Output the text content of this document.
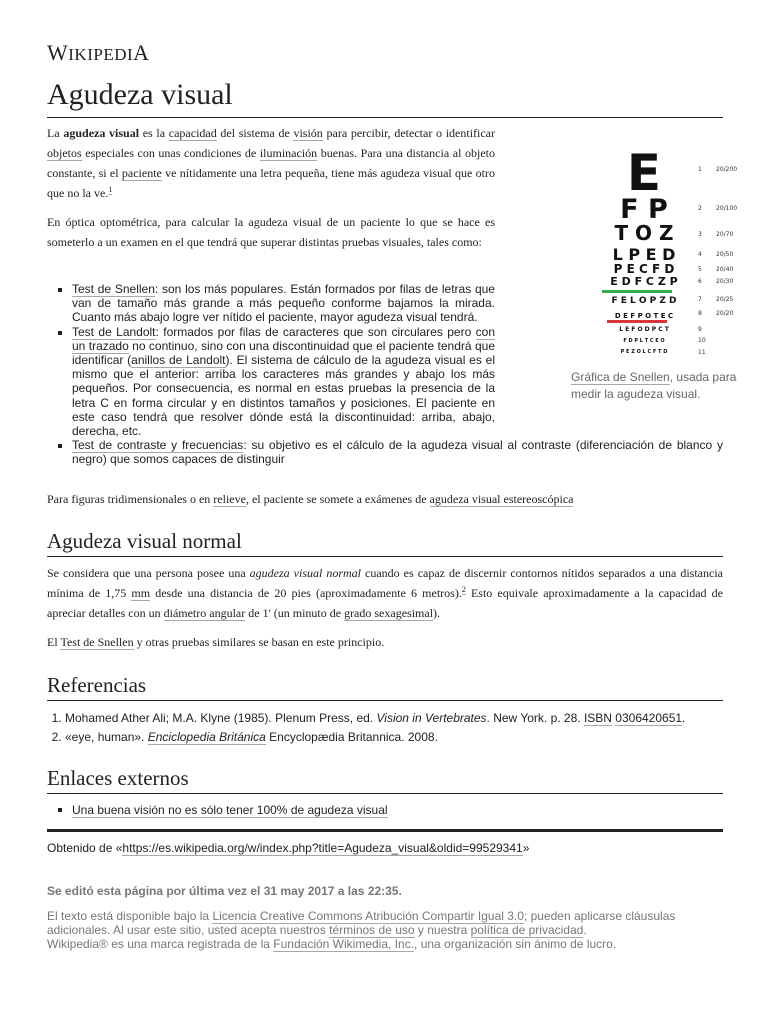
WIKIPEDIA
Agudeza visual

La agudeza visual es la capacidad del sistema de visión para percibir, detectar o identificar objetos especiales con unas condiciones de iluminación buenas. Para una distancia al objeto constante, si el paciente ve nítidamente una letra pequeña, tiene más agudeza visual que otro que no la ve.$^1$

En óptica optométrica, para calcular la agudeza visual de un paciente lo que se hace es someterlo a un examen en el que tendrá que superar distintas pruebas visuales, tales como:

Test de Snellen: son los más populares. Están formados por filas de letras que van de tamaño más grande a más pequeño conforme bajamos la mirada. Cuanto más abajo logre ver nítido el paciente, mayor agudeza visual tendrá.
Test de Landolt: formados por filas de caracteres que son circulares pero con un trazado no continuo, sino con una discontinuidad que el paciente tendrá que identificar (anillos de Landolt). El sistema de cálculo de la agudeza visual es el mismo que el anterior: arriba los caracteres más grandes y abajo los más pequeños. Por consecuencia, es normal en estas pruebas la presencia de la letra C en forma circular y en distintos tamaños y posiciones. El paciente en este caso tendrá que resolver dónde está la discontinuidad: arriba, abajo, derecha, etc.
Test de contraste y frecuencias: su objetivo es el cálculo de la agudeza visual al contraste (diferenciación de blanco y negro) que somos capaces de distinguir

Para figuras tridimensionales o en relieve, el paciente se somete a exámenes de agudeza visual estereoscópica

Agudeza visual normal

Se considera que una persona posee una agudeza visual normal cuando es capaz de discernir contornos nítidos separados a una distancia mínima de 1,75 mm desde una distancia de 20 pies (aproximadamente 6 metros).$^2$ Esto equivale aproximadamente a la capacidad de apreciar detalles con un diámetro angular de 1' (un minuto de grado sexagesimal).

El Test de Snellen y otras pruebas similares se basan en este principio.

Referencias
1. Mohamed Ather Ali; M.A. Klyne (1985). Plenum Press, ed. Vision in Vertebrates. New York. p. 28. ISBN 0306420651.
2. «eye, human». Enciclopedia Británica Encyclopædia Britannica. 2008.
Enlaces externos
Una buena visión no es sólo tener 100% de agudeza visual
Obtenido de «https://es.wikipedia.org/w/index.php?title=Agudeza_visual&oldid=99529341»
Se editó esta página por última vez el 31 may 2017 a las 22:35.
El texto está disponible bajo la Licencia Creative Commons Atribución Compartir Igual 3.0; pueden aplicarse cláusulas adicionales. Al usar este sitio, usted acepta nuestros términos de uso y nuestra política de privacidad.
Wikipedia® es una marca registrada de la Fundación Wikimedia, Inc., una organización sin ánimo de lucro.
E	1 20/200
F P	2 20/100
T O Z	3 20/70
L P E D	4 20/50
P E C F D	5 20/40
E D F C Z P	6 20/30
F E L O P Z D	7 20/25
D E F P O T E C	8 20/20
L E F O D P C T	9
F D P L T C E O	10
P E Z O L C F T D	11
Gráfica de Snellen, usada para medir la agudeza visual.
